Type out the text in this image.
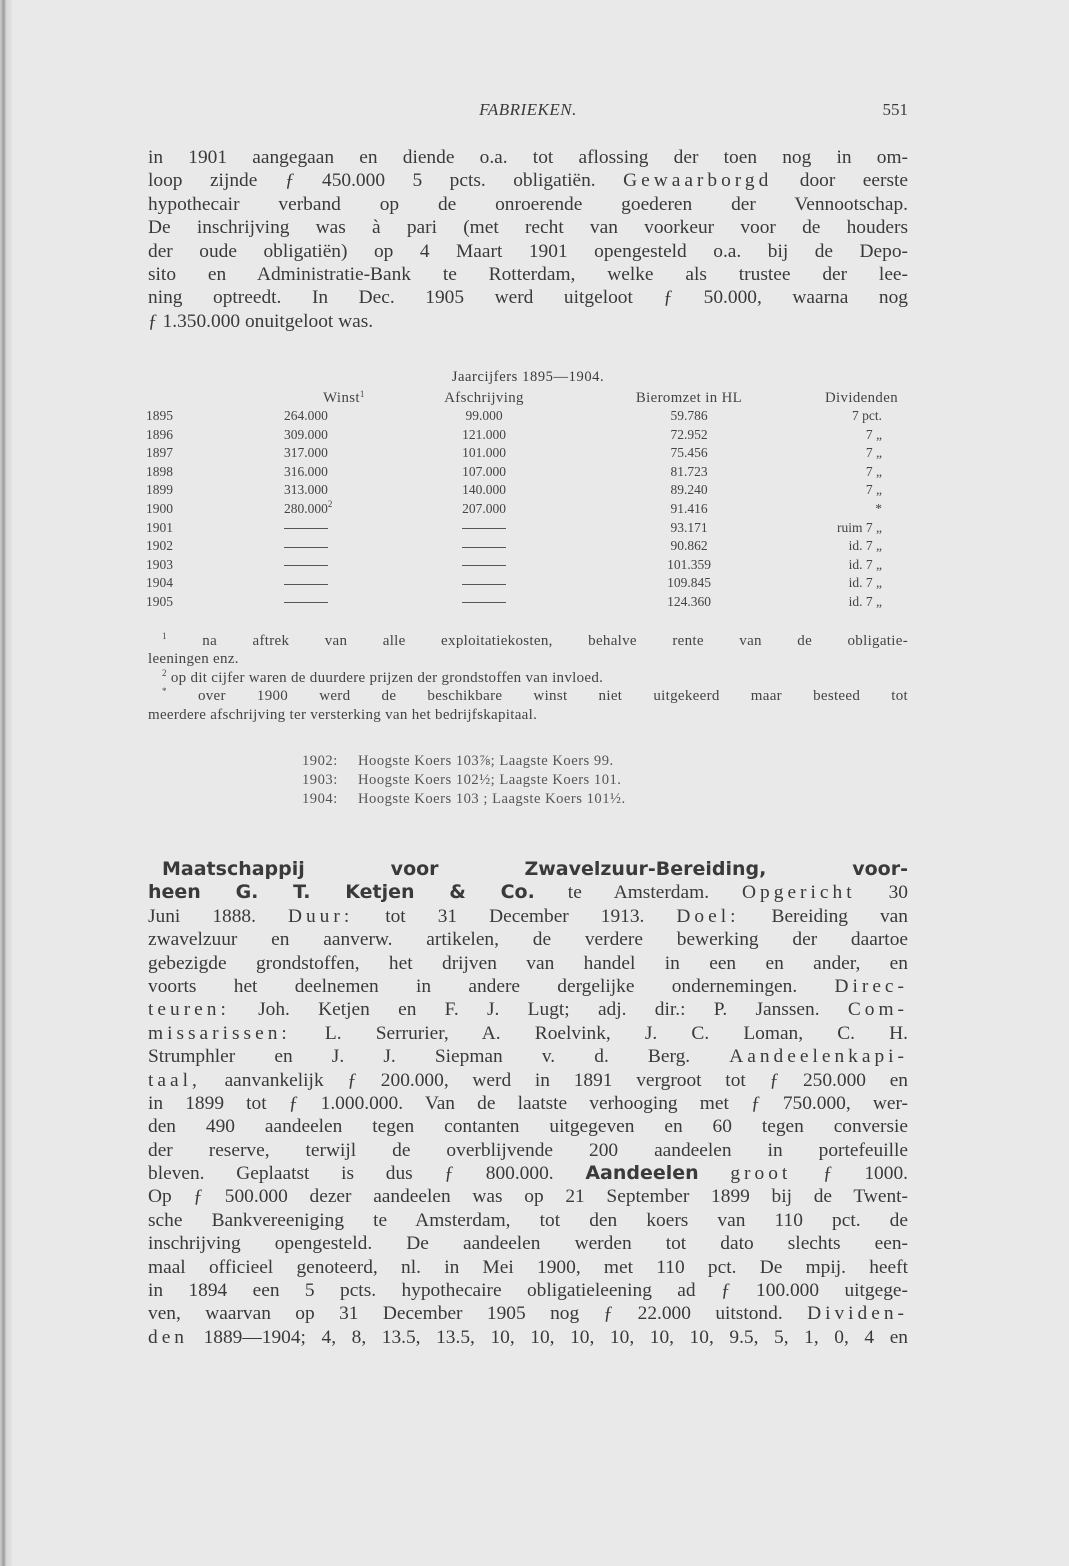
FABRIEKEN.	551
in 1901 aangegaan en diende o.a. tot aflossing der toen nog in om-
loop zijnde ƒ 450.000 5 pcts. obligatiën. Gewaarborgd door eerste
hypothecair verband op de onroerende goederen der Vennootschap.
De inschrijving was à pari (met recht van voorkeur voor de houders
der oude obligatiën) op 4 Maart 1901 opengesteld o.a. bij de Depo-
sito en Administratie-Bank te Rotterdam, welke als trustee der lee-
ning optreedt. In Dec. 1905 werd uitgeloot ƒ 50.000, waarna nog
ƒ 1.350.000 onuitgeloot was.
Jaarcijfers 1895—1904.
	Winst$^1$	Afschrijving	Bieromzet in HL	Dividenden
1895	264.000	99.000	59.786	7 pct.
1896	309.000	121.000	72.952	7 „
1897	317.000	101.000	75.456	7 „
1898	316.000	107.000	81.723	7 „
1899	313.000	140.000	89.240	7 „
1900	280.000$^2$	207.000	91.416	*
1901			93.171	ruim 7 „
1902			90.862	id. 7 „
1903			101.359	id. 7 „
1904			109.845	id. 7 „
1905			124.360	id. 7 „
$^1$ na aftrek van alle exploitatiekosten, behalve rente van de obligatie-
leeningen enz.
$^2$ op dit cijfer waren de duurdere prijzen der grondstoffen van invloed.
* over 1900 werd de beschikbare winst niet uitgekeerd maar besteed tot
meerdere afschrijving ter versterking van het bedrijfskapitaal.
1902: Hoogste Koers 103⅞; Laagste Koers 99.
1903: Hoogste Koers 102½; Laagste Koers 101.
1904: Hoogste Koers 103 ; Laagste Koers 101½.
Maatschappij voor Zwavelzuur-Bereiding, voor-
heen G. T. Ketjen & Co. te Amsterdam. Opgericht 30
Juni 1888. Duur: tot 31 December 1913. Doel: Bereiding van
zwavelzuur en aanverw. artikelen, de verdere bewerking der daartoe
gebezigde grondstoffen, het drijven van handel in een en ander, en
voorts het deelnemen in andere dergelijke ondernemingen. Direc-
teuren: Joh. Ketjen en F. J. Lugt; adj. dir.: P. Janssen. Com-
missarissen: L. Serrurier, A. Roelvink, J. C. Loman, C. H.
Strumphler en J. J. Siepman v. d. Berg. Aandeelenkapi-
taal, aanvankelijk ƒ 200.000, werd in 1891 vergroot tot ƒ 250.000 en
in 1899 tot ƒ 1.000.000. Van de laatste verhooging met ƒ 750.000, wer-
den 490 aandeelen tegen contanten uitgegeven en 60 tegen conversie
der reserve, terwijl de overblijvende 200 aandeelen in portefeuille
bleven. Geplaatst is dus ƒ 800.000. Aandeelen groot ƒ 1000.
Op ƒ 500.000 dezer aandeelen was op 21 September 1899 bij de Twent-
sche Bankvereeniging te Amsterdam, tot den koers van 110 pct. de
inschrijving opengesteld. De aandeelen werden tot dato slechts een-
maal officieel genoteerd, nl. in Mei 1900, met 110 pct. De mpij. heeft
in 1894 een 5 pcts. hypothecaire obligatieleening ad ƒ 100.000 uitgege-
ven, waarvan op 31 December 1905 nog ƒ 22.000 uitstond. Dividen-
den 1889—1904; 4, 8, 13.5, 13.5, 10, 10, 10, 10, 10, 10, 9.5, 5, 1, 0, 4 en
